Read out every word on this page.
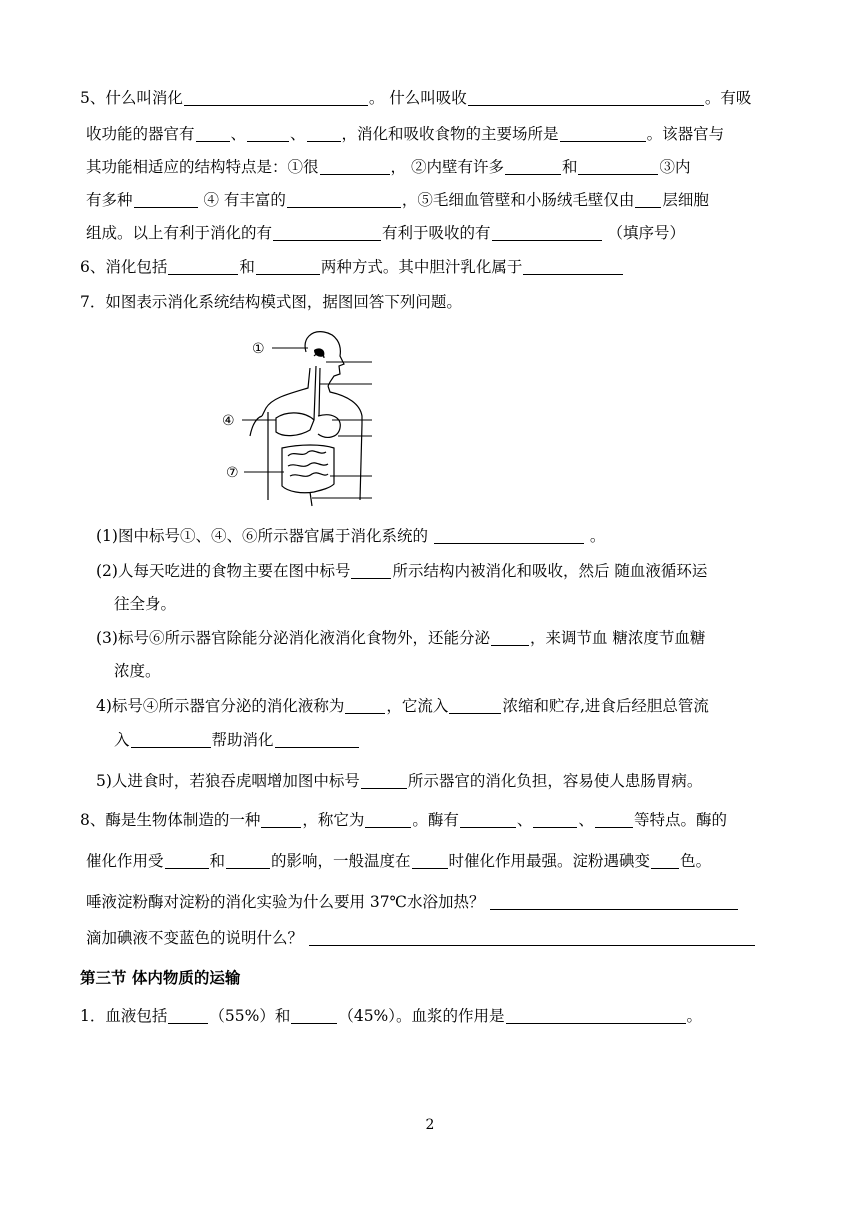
5、什么叫消化	。 什么叫吸收	。有吸
收功能的器官有 、	、 ，消化和吸收食物的主要场所是	。该器官与
其功能相适应的结构特点是：①很	， ②内壁有许多	和	③内
有多种	④ 有丰富的	，⑤毛细血管壁和小肠绒毛壁仅由 层细胞
组成。以上有利于消化的有	有利于吸收的有	（填序号）
6、消化包括	和	两种方式。其中胆汁乳化属于
7．如图表示消化系统结构模式图，据图回答下列问题。
①
④
⑦
(1)图中标号①、④、⑥所示器官属于消化系统的	。
(2)人每天吃进的食物主要在图中标号	所示结构内被消化和吸收，然后 随血液循环运
往全身。
(3)标号⑥所示器官除能分泌消化液消化食物外，还能分泌	，来调节血 糖浓度节血糖
浓度。
4)标号④所示器官分泌的消化液称为	，它流入	浓缩和贮存,进食后经胆总管流
入	帮助消化
5)人进食时，若狼吞虎咽增加图中标号	所示器官的消化负担，容易使人患肠胃病。
8、酶是生物体制造的一种	，称它为	。酶有	、	、	等特点。酶的
催化作用受	和	的影响，一般温度在 时催化作用最强。淀粉遇碘变 色。
唾液淀粉酶对淀粉的消化实验为什么要用 37℃水浴加热？
滴加碘液不变蓝色的说明什么？
第三节 体内物质的运输
1．血液包括	（55%）和	（45%）。血浆的作用是	。
2
